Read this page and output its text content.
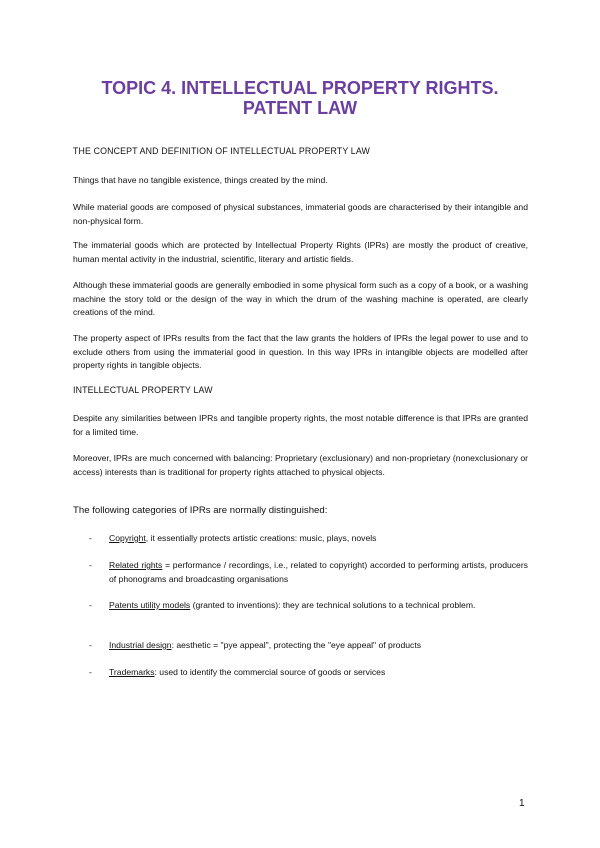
TOPIC 4. INTELLECTUAL PROPERTY RIGHTS.
PATENT LAW
THE CONCEPT AND DEFINITION OF INTELLECTUAL PROPERTY LAW
Things that have no tangible existence, things created by the mind.
While material goods are composed of physical substances, immaterial goods are characterised by their intangible and non-physical form.
The immaterial goods which are protected by Intellectual Property Rights (IPRs) are mostly the product of creative, human mental activity in the industrial, scientific, literary and artistic fields.
Although these immaterial goods are generally embodied in some physical form such as a copy of a book, or a washing machine the story told or the design of the way in which the drum of the washing machine is operated, are clearly creations of the mind.
The property aspect of IPRs results from the fact that the law grants the holders of IPRs the legal power to use and to exclude others from using the immaterial good in question. In this way IPRs in intangible objects are modelled after property rights in tangible objects.
INTELLECTUAL PROPERTY LAW
Despite any similarities between IPRs and tangible property rights, the most notable difference is that IPRs are granted for a limited time.
Moreover, IPRs are much concerned with balancing: Proprietary (exclusionary) and non-proprietary (nonexclusionary or access) interests than is traditional for property rights attached to physical objects.
The following categories of IPRs are normally distinguished:
- Copyright, it essentially protects artistic creations: music, plays, novels
- Related rights = performance / recordings, i.e., related to copyright) accorded to performing artists, producers of phonograms and broadcasting organisations
- Patents utility models (granted to inventions): they are technical solutions to a technical problem.
- Industrial design: aesthetic = "pye appeal", protecting the "eye appeal" of products
- Trademarks: used to identify the commercial source of goods or services
1
